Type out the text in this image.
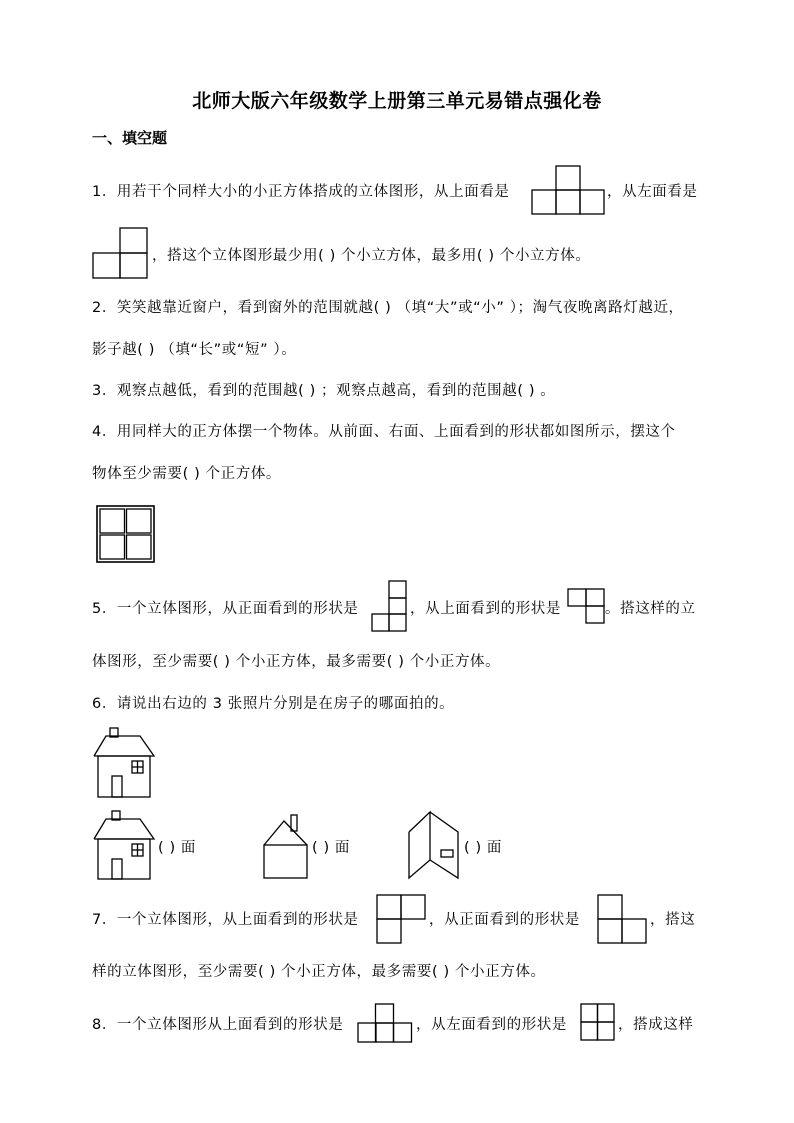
北师大版六年级数学上册第三单元易错点强化卷
一、填空题
1．用若干个同样大小的小正方体搭成的立体图形，从上面看是	，从左面看是
，搭这个立体图形最少用( ) 个小立方体，最多用( ) 个小立方体。
2．笑笑越靠近窗户，看到窗外的范围就越( ) （填“大”或“小” ）；淘气夜晚离路灯越近，
影子越( ) （填“长”或“短” ）。
3．观察点越低，看到的范围越( ) ；观察点越高，看到的范围越( ) 。
4．用同样大的正方体摆一个物体。从前面、右面、上面看到的形状都如图所示，摆这个
物体至少需要( ) 个正方体。
5．一个立体图形，从正面看到的形状是	，从上面看到的形状是	。搭这样的立
体图形，至少需要( ) 个小正方体，最多需要( ) 个小正方体。
6．请说出右边的 3 张照片分别是在房子的哪面拍的。
( ) 面	( ) 面	( ) 面
7．一个立体图形，从上面看到的形状是	，从正面看到的形状是	，搭这
样的立体图形，至少需要( ) 个小正方体，最多需要( ) 个小正方体。
8．一个立体图形从上面看到的形状是	，从左面看到的形状是	，搭成这样
